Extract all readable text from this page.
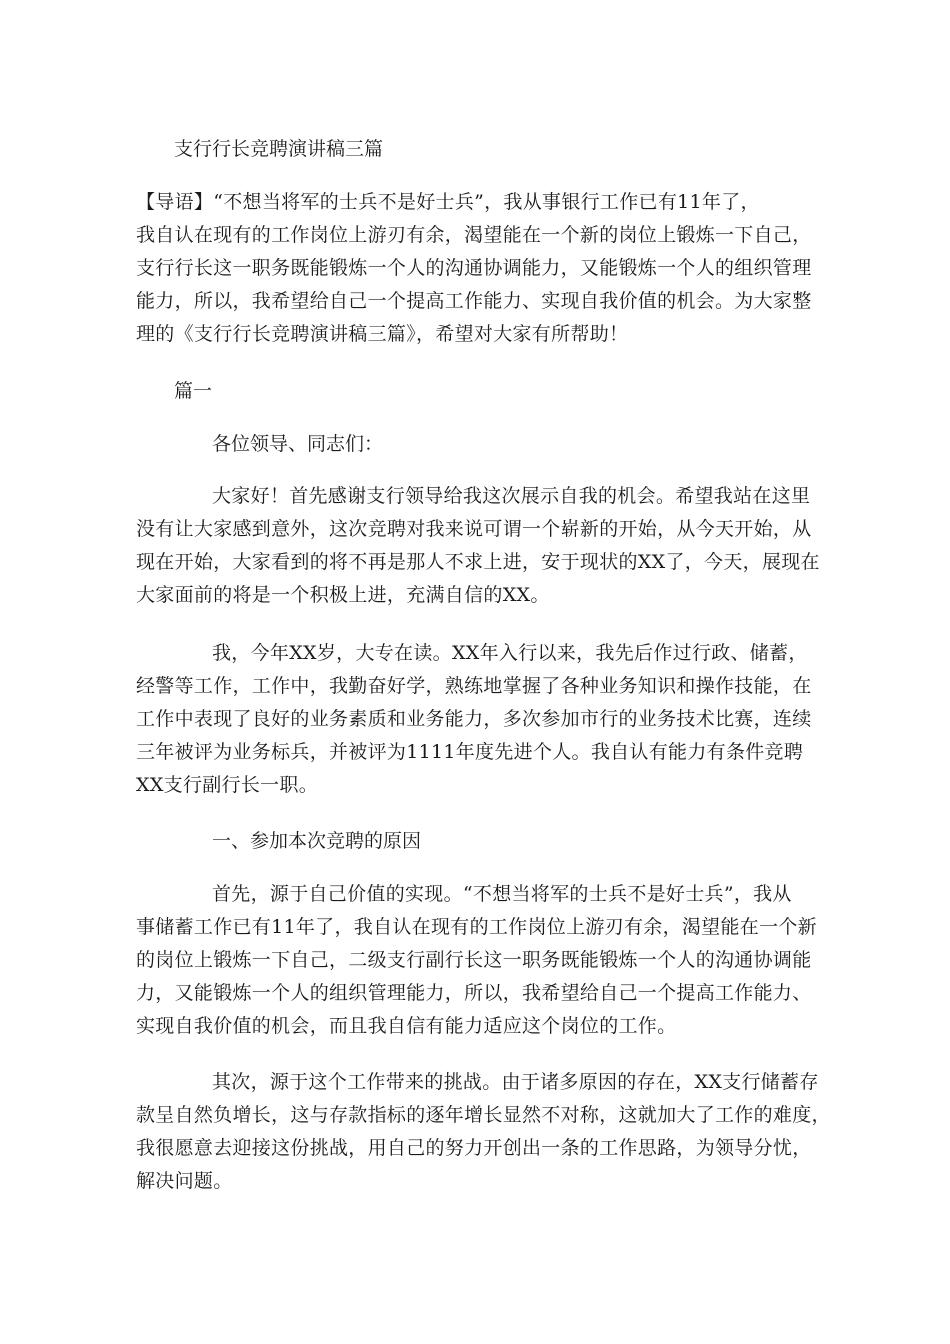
支行行长竞聘演讲稿三篇
【导语】“不想当将军的士兵不是好士兵”，我从事银行工作已有11年了，
我自认在现有的工作岗位上游刃有余，渴望能在一个新的岗位上锻炼一下自己，
支行行长这一职务既能锻炼一个人的沟通协调能力，又能锻炼一个人的组织管理
能力，所以，我希望给自己一个提高工作能力、实现自我价值的机会。为大家整
理的《支行行长竞聘演讲稿三篇》，希望对大家有所帮助！
篇一
各位领导、同志们：
大家好！首先感谢支行领导给我这次展示自我的机会。希望我站在这里
没有让大家感到意外，这次竞聘对我来说可谓一个崭新的开始，从今天开始，从
现在开始，大家看到的将不再是那人不求上进，安于现状的XX了，今天，展现在
大家面前的将是一个积极上进，充满自信的XX。
我，今年XX岁，大专在读。XX年入行以来，我先后作过行政、储蓄，
经警等工作，工作中，我勤奋好学，熟练地掌握了各种业务知识和操作技能，在
工作中表现了良好的业务素质和业务能力，多次参加市行的业务技术比赛，连续
三年被评为业务标兵，并被评为1111年度先进个人。我自认有能力有条件竞聘
XX支行副行长一职。
一、参加本次竞聘的原因
首先，源于自己价值的实现。“不想当将军的士兵不是好士兵”，我从
事储蓄工作已有11年了，我自认在现有的工作岗位上游刃有余，渴望能在一个新
的岗位上锻炼一下自己，二级支行副行长这一职务既能锻炼一个人的沟通协调能
力，又能锻炼一个人的组织管理能力，所以，我希望给自己一个提高工作能力、
实现自我价值的机会，而且我自信有能力适应这个岗位的工作。
其次，源于这个工作带来的挑战。由于诸多原因的存在，XX支行储蓄存
款呈自然负增长，这与存款指标的逐年增长显然不对称，这就加大了工作的难度，
我很愿意去迎接这份挑战，用自己的努力开创出一条的工作思路，为领导分忧，
解决问题。
